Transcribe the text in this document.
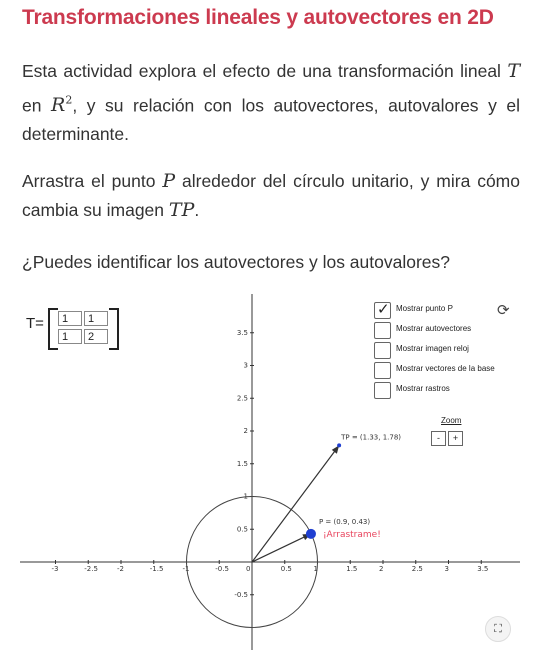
Transformaciones lineales y autovectores en 2D

Esta actividad explora el efecto de una transformación lineal T en $R^2$, y su relación con los autovectores, autovalores y el determinante.

Arrastra el punto P alrededor del círculo unitario, y mira cómo cambia su imagen TP.

¿Puedes identificar los autovectores y los autovalores?

-3	-2.5	-2	-1.5	-1	-0.5 0	0.5	1	1.5	2	2.5	3	3.5
3.5
3
2.5
2
1.5
1
0.5
-0.5
P = (0.9, 0.43)
¡Arrastrame!
TP = (1.33, 1.78)
T=	1	1
1	2
✓ Mostrar punto P
Mostrar autovectores
Mostrar imagen reloj
Mostrar vectores de la base
Mostrar rastros
⟳
Zoom
-	+
⛶
